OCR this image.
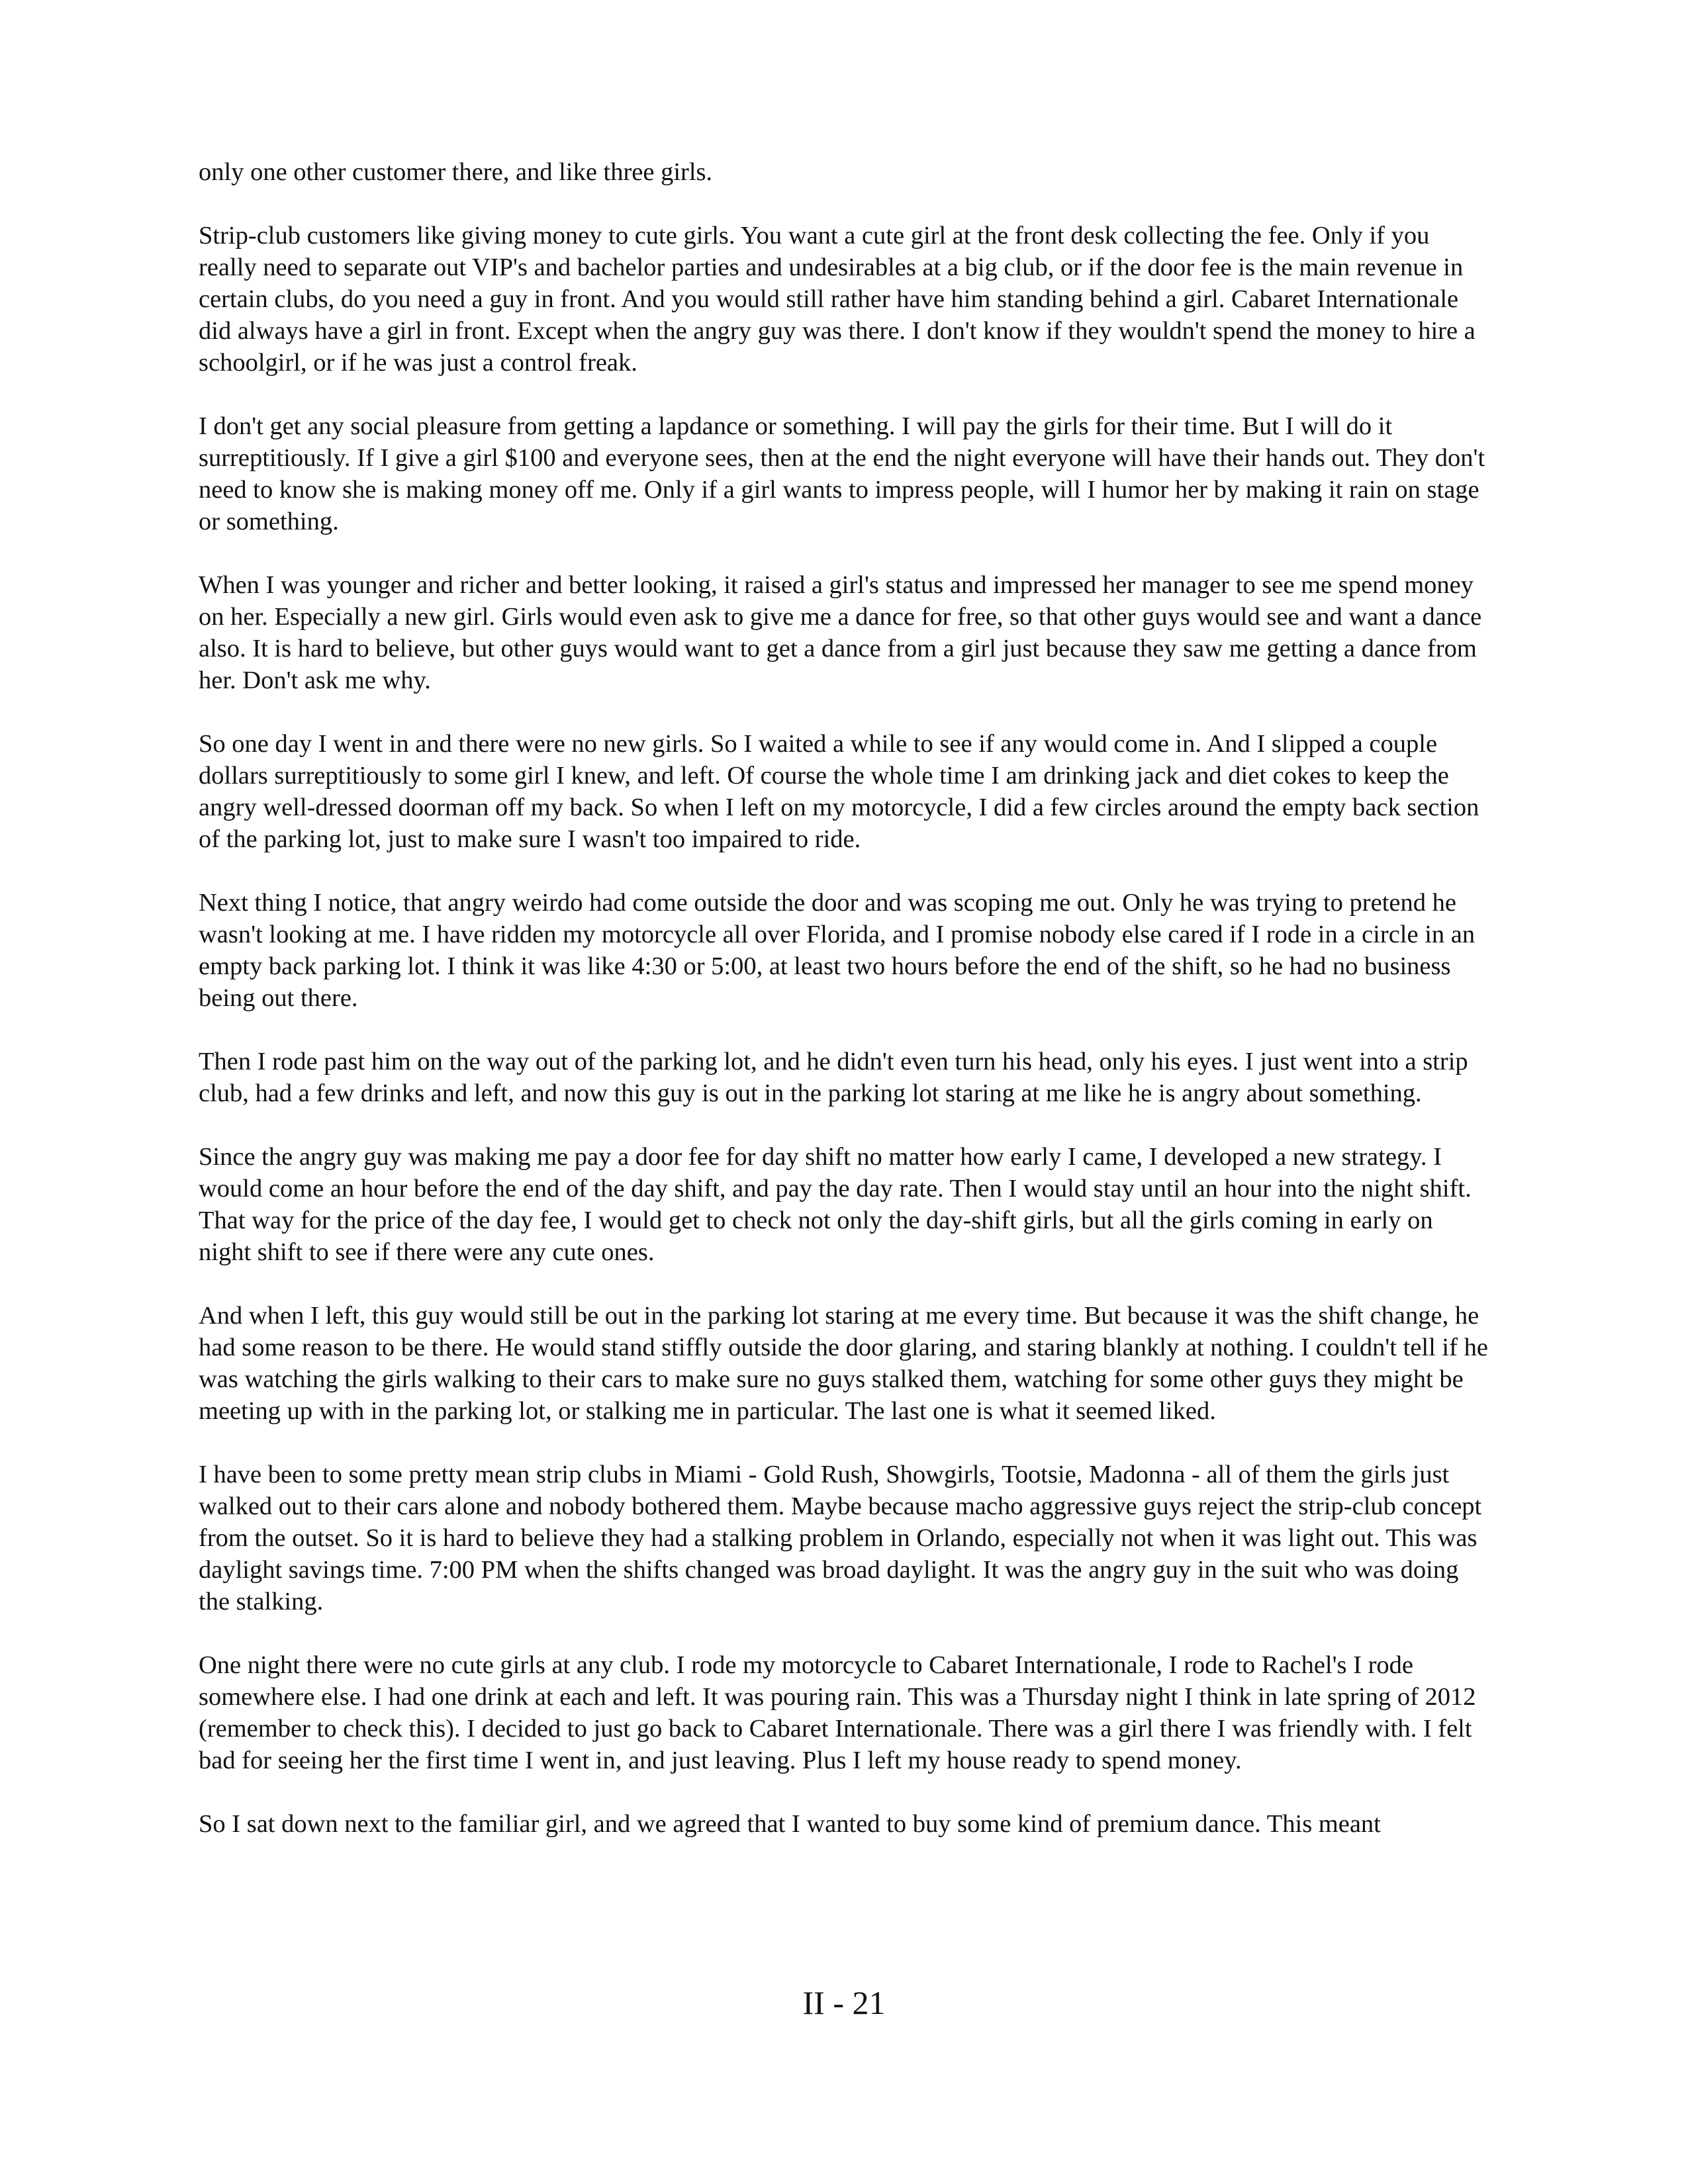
only one other customer there, and like three girls.

Strip-club customers like giving money to cute girls. You want a cute girl at the front desk collecting the fee. Only if you really need to separate out VIP's and bachelor parties and undesirables at a big club, or if the door fee is the main revenue in certain clubs, do you need a guy in front. And you would still rather have him standing behind a girl. Cabaret Internationale did always have a girl in front. Except when the angry guy was there. I don't know if they wouldn't spend the money to hire a schoolgirl, or if he was just a control freak.

I don't get any social pleasure from getting a lapdance or something. I will pay the girls for their time. But I will do it surreptitiously. If I give a girl $100 and everyone sees, then at the end the night everyone will have their hands out. They don't need to know she is making money off me. Only if a girl wants to impress people, will I humor her by making it rain on stage or something.

When I was younger and richer and better looking, it raised a girl's status and impressed her manager to see me spend money on her. Especially a new girl. Girls would even ask to give me a dance for free, so that other guys would see and want a dance also. It is hard to believe, but other guys would want to get a dance from a girl just because they saw me getting a dance from her. Don't ask me why.

So one day I went in and there were no new girls. So I waited a while to see if any would come in. And I slipped a couple dollars surreptitiously to some girl I knew, and left. Of course the whole time I am drinking jack and diet cokes to keep the angry well-dressed doorman off my back. So when I left on my motorcycle, I did a few circles around the empty back section of the parking lot, just to make sure I wasn't too impaired to ride.

Next thing I notice, that angry weirdo had come outside the door and was scoping me out. Only he was trying to pretend he wasn't looking at me. I have ridden my motorcycle all over Florida, and I promise nobody else cared if I rode in a circle in an empty back parking lot. I think it was like 4:30 or 5:00, at least two hours before the end of the shift, so he had no business being out there.

Then I rode past him on the way out of the parking lot, and he didn't even turn his head, only his eyes. I just went into a strip club, had a few drinks and left, and now this guy is out in the parking lot staring at me like he is angry about something.

Since the angry guy was making me pay a door fee for day shift no matter how early I came, I developed a new strategy. I would come an hour before the end of the day shift, and pay the day rate. Then I would stay until an hour into the night shift. That way for the price of the day fee, I would get to check not only the day-shift girls, but all the girls coming in early on night shift to see if there were any cute ones.

And when I left, this guy would still be out in the parking lot staring at me every time. But because it was the shift change, he had some reason to be there. He would stand stiffly outside the door glaring, and staring blankly at nothing. I couldn't tell if he was watching the girls walking to their cars to make sure no guys stalked them, watching for some other guys they might be meeting up with in the parking lot, or stalking me in particular. The last one is what it seemed liked.

I have been to some pretty mean strip clubs in Miami - Gold Rush, Showgirls, Tootsie, Madonna - all of them the girls just walked out to their cars alone and nobody bothered them. Maybe because macho aggressive guys reject the strip-club concept from the outset. So it is hard to believe they had a stalking problem in Orlando, especially not when it was light out. This was daylight savings time. 7:00 PM when the shifts changed was broad daylight. It was the angry guy in the suit who was doing the stalking.

One night there were no cute girls at any club. I rode my motorcycle to Cabaret Internationale, I rode to Rachel's I rode somewhere else. I had one drink at each and left. It was pouring rain. This was a Thursday night I think in late spring of 2012 (remember to check this). I decided to just go back to Cabaret Internationale. There was a girl there I was friendly with. I felt bad for seeing her the first time I went in, and just leaving. Plus I left my house ready to spend money.

So I sat down next to the familiar girl, and we agreed that I wanted to buy some kind of premium dance. This meant

II - 21
